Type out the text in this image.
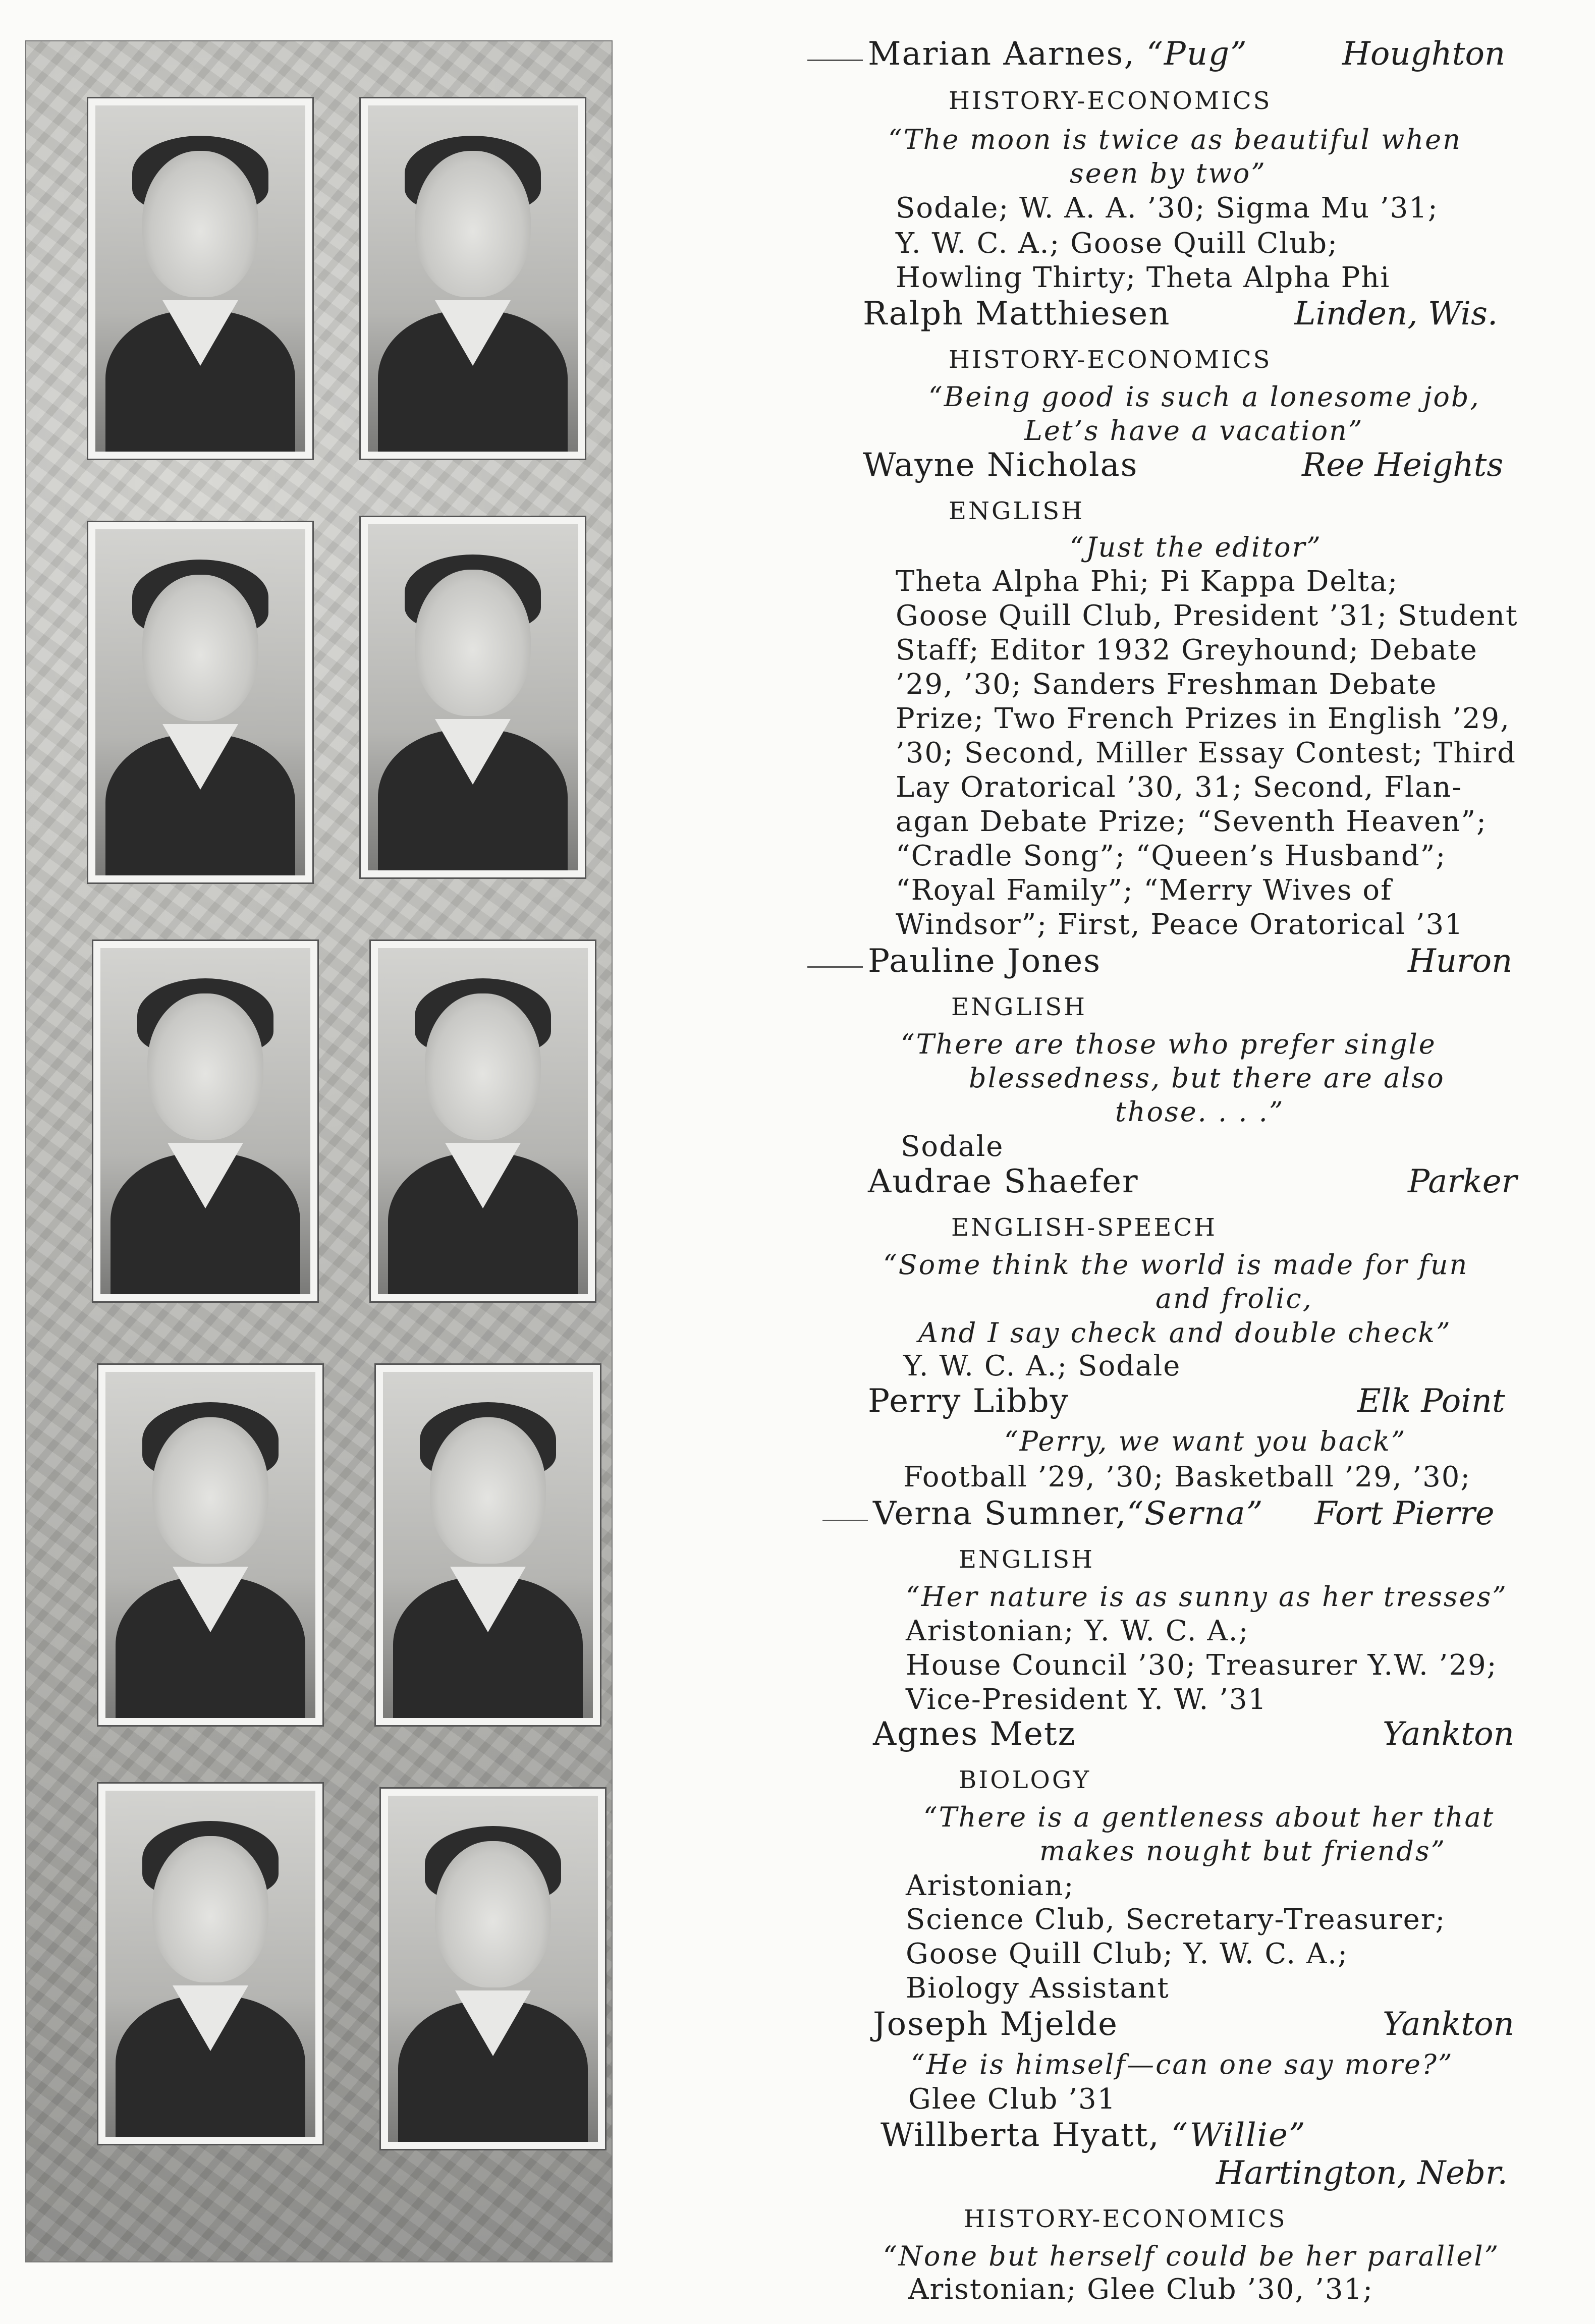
Marian Aarnes, “Pug”	Houghton
HISTORY-ECONOMICS
“The moon is twice as beautiful when
seen by two”
Sodale; W. A. A. ’30; Sigma Mu ’31;
Y. W. C. A.; Goose Quill Club;
Howling Thirty; Theta Alpha Phi
Ralph Matthiesen	Linden, Wis.
HISTORY-ECONOMICS
“Being good is such a lonesome job,
Let’s have a vacation”
Wayne Nicholas	Ree Heights
ENGLISH
“Just the editor”
Theta Alpha Phi; Pi Kappa Delta;
Goose Quill Club, President ’31; Student
Staff; Editor 1932 Greyhound; Debate
’29, ’30; Sanders Freshman Debate
Prize; Two French Prizes in English ’29,
’30; Second, Miller Essay Contest; Third
Lay Oratorical ’30, 31; Second, Flan-
agan Debate Prize; “Seventh Heaven”;
“Cradle Song”; “Queen’s Husband”;
“Royal Family”; “Merry Wives of
Windsor”; First, Peace Oratorical ’31
Pauline Jones	Huron
ENGLISH
“There are those who prefer single
blessedness, but there are also
those. . . .”
Sodale
Audrae Shaefer	Parker
ENGLISH-SPEECH
“Some think the world is made for fun
and frolic,
And I say check and double check”
Y. W. C. A.; Sodale
Perry Libby	Elk Point
“Perry, we want you back”
Football ’29, ’30; Basketball ’29, ’30;
Verna Sumner,“Serna” Fort Pierre
ENGLISH
“Her nature is as sunny as her tresses”
Aristonian; Y. W. C. A.;
House Council ’30; Treasurer Y.W. ’29;
Vice-President Y. W. ’31
Agnes Metz	Yankton
BIOLOGY
“There is a gentleness about her that
makes nought but friends”
Aristonian;
Science Club, Secretary-Treasurer;
Goose Quill Club; Y. W. C. A.;
Biology Assistant
Joseph Mjelde	Yankton
“He is himself—can one say more?”
Glee Club ’31
Willberta Hyatt, “Willie”
Hartington, Nebr.
HISTORY-ECONOMICS
“None but herself could be her parallel”
Aristonian; Glee Club ’30, ’31;
